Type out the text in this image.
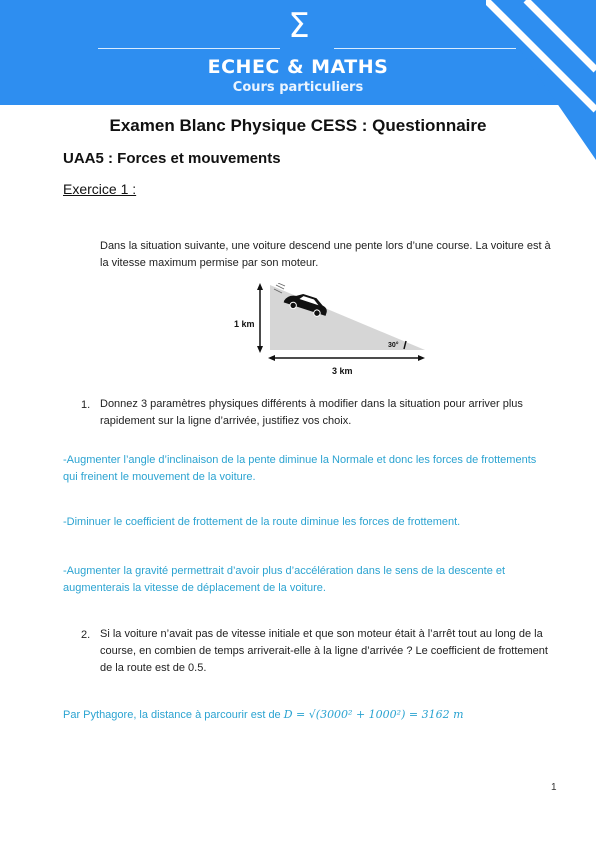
Σ
ECHEC & MATHS
Cours particuliers
Examen Blanc Physique CESS : Questionnaire
UAA5 : Forces et mouvements
Exercice 1 :
Dans la situation suivante, une voiture descend une pente lors d’une course. La voiture est à
la vitesse maximum permise par son moteur.
1 km
30°
3 km
1. Donnez 3 paramètres physiques différents à modifier dans la situation pour arriver plus
rapidement sur la ligne d’arrivée, justifiez vos choix.
-Augmenter l’angle d’inclinaison de la pente diminue la Normale et donc les forces de frottements
qui freinent le mouvement de la voiture.
-Diminuer le coefficient de frottement de la route diminue les forces de frottement.
-Augmenter la gravité permettrait d’avoir plus d’accélération dans le sens de la descente et
augmenterais la vitesse de déplacement de la voiture.
2. Si la voiture n’avait pas de vitesse initiale et que son moteur était à l’arrêt tout au long de la
course, en combien de temps arriverait-elle à la ligne d’arrivée ? Le coefficient de frottement
de la route est de 0.5.
Par Pythagore, la distance à parcourir est de D = √(3000² + 1000²) = 3162 m
1
